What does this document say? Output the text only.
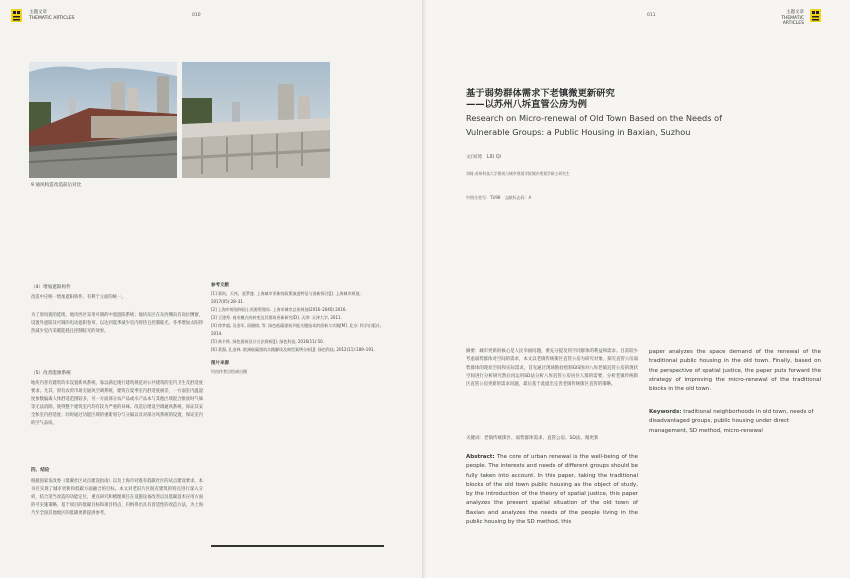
010
9 通风构造改造前后对比
（4）增加遮阳构件
改造中应统一增加遮阳构件，有利于立面的统一。
为了原风貌的延续，地块西区采用可调的中置遮阳系统；地块东区在东西侧向有高位侧窗，设置外遮阳及可调的电动遮阳卷帘，以达到夏季减少室内得热且控制眩光、冬季增加太阳得热减少室内采暖能耗且控制眩光的效果。
（5）改善能源系统
地块内普有建筑均未设置新风系统，靠以满足现行建筑规范对公共建筑的室内卫生及舒适度要求。尤其，原有农贸市场无通风空调系统，建筑在夏季室内舒适度极差，一方面室内温湿度参数偏离人体舒适范围较多，另一方面部分农产品或水产品本与其他区域混合排放时气味等无法消除，使得整个建筑室内均有较为严重的异味。改造后增设空调通风系统，保证其安全和室内舒适度；同时通过功能区域的重新划分与分隔以及对部分风系统的设置，保证室内的空气品质。
四、结论
根据国家发改委《低碳社区试点建设指南》以及上海市对既有低碳社区的试点建设要求，本书目实现了城市更新和低碳方面融合的目标。本文对老旧片区既有建筑的特点进行深入分析，结合适当改造的功能定位，重点研究和梳理项目在设施设备改善以及低碳技术应用方面的可实施策略，基于项目的低碳目标和项目特点，归纳得出具有普适性的改造方法，为上海乃至全国其他地区的低碳更新提供参考。
参考文献
[1] 蒋尚，天纬，聂罗盛. 上海城市更新的政策演进特征与创新探讨[J]. 上海城市规划, 2017(05):28–31.
[2] 上海市规划和国土资源管理局. 上海市城市总体规划(2016–2040).2016.
[3] 王建秀. 商业模式的转变及其建筑更新研究[D]. 天津: 天津大学, 2011.
[4] 徐孝超, 吴金军, 雨晓棋, 等. 绿色低碳建筑节能关键技术的创新与实践[M]. 北京: 科学出版社, 2014.
[5] 黄卡铁. 绿色建筑设计方法探析[J]. 绿色科技, 2016(11):50.
[6] 葛强, 孔金林. 欧洲低碳建筑实践解读及典型案例分析[J]. 绿色科技, 2012(11):189–191.
图片来源
均由作者自绘或自摄
主题文章
THEMATIC ARTICLES	011
主题文章
THEMATIC ARTICLES
基于弱势群体需求下老镇微更新研究
——以苏州八坼直管公房为例
Research on Micro-renewal of Old Town Based on the Needs of
Vulnerable Groups: a Public Housing in Baxian, Suzhou
文/刘琦　LIU Qi
刘琦:苏州科技大学建筑与城市规划学院城乡规划学硕士研究生
中图分类号：TU98　文献标志码：A
摘要：城市更新的核心是人民幸福问题，要充分提及到不同群体的利益和需求。目前较少考虑弱势群体对空间的需求，本文以老镇传统街区直管公房为研究对象，探究直管公房弱势群体的现状空间和实际需求，首先通过现场勘验绘制GIS图对八坼老镇直管公房的现状空间进行分析研究然后再运用SD法分析八坼直管公房居住人群的需要，分析老镇传统街区直管公房更新的需求问题，最后基于此提出完善老镇传统街区直管的策略。
关键词：老镇传统街区、弱势群体需求、直管公房、SD法、微更新
Abstract: The core of urban renewal is the well-being of the people. The interests and needs of different groups should be fully taken into account. In this paper, taking the traditional blocks of the old town public housing as the object of study, by the introduction of the theory of spatial justice, this paper analyzes the present spatial situation of the old town of Baxian and analyzes the needs of the people living in the public housing by the SD method, this
paper analyzes the space demand of the renewal of the traditional public housing in the old town. Finally, based on the perspective of spatial justice, the paper puts forward the strategy of improving the micro-renewal of the traditional blocks in the old town.
Keywords: traditional neighborhoods in old town, needs of disadvantaged groups, public housing under direct management, SD method, micro-renewal
